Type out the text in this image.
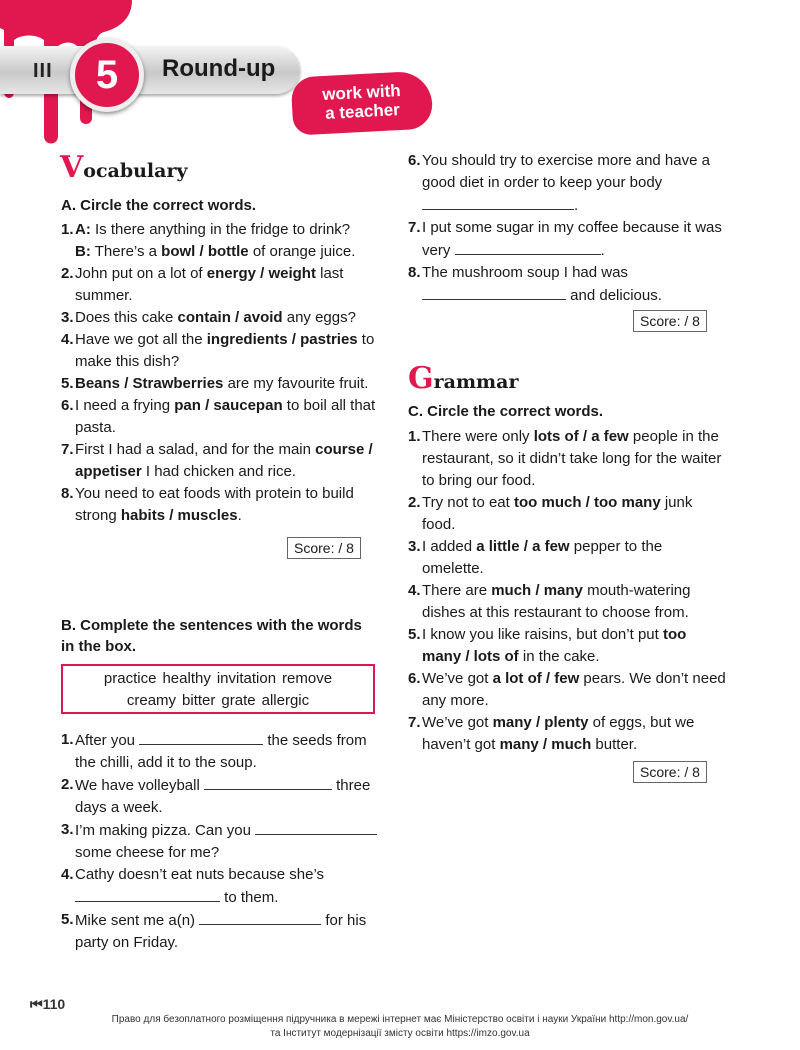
III	5	Round-up
work with
a teacher
Vocabulary
A. Circle the correct words.
1. A: Is there anything in the fridge to drink?
B: There’s a bowl / bottle of orange juice.
2. John put on a lot of energy / weight last summer.
3. Does this cake contain / avoid any eggs?
4. Have we got all the ingredients / pastries to make this dish?
5. Beans / Strawberries are my favourite fruit.
6. I need a frying pan / saucepan to boil all that pasta.
7. First I had a salad, and for the main course / appetiser I had chicken and rice.
8. You need to eat foods with protein to build strong habits / muscles.
Score: / 8
B. Complete the sentences with the words in the box.
practice healthy invitation remove
creamy bitter grate allergic
1. After you	the seeds from the chilli, add it to the soup.
2. We have volleyball	three days a week.
3. I’m making pizza. Can you  some cheese for me?
4. Cathy doesn’t eat nuts because she’s  to them.
5. Mike sent me a(n)	for his party on Friday.
6. You should try to exercise more and have a good diet in order to keep your body .
7. I put some sugar in my coffee because it was very	.
8. The mushroom soup I had was  and delicious.
Score: / 8
Grammar
C. Circle the correct words.
1. There were only lots of / a few people in the restaurant, so it didn’t take long for the waiter to bring our food.
2. Try not to eat too much / too many junk food.
3. I added a little / a few pepper to the omelette.
4. There are much / many mouth-watering dishes at this restaurant to choose from.
5. I know you like raisins, but don’t put too many / lots of in the cake.
6. We’ve got a lot of / few pears. We don’t need any more.
7. We’ve got many / plenty of eggs, but we haven’t got many / much butter.
Score: / 8
⏮110
Право для безоплатного розміщення підручника в мережі інтернет має Міністерство освіти і науки України http://mon.gov.ua/
та Інститут модернізації змісту освіти https://imzo.gov.ua
